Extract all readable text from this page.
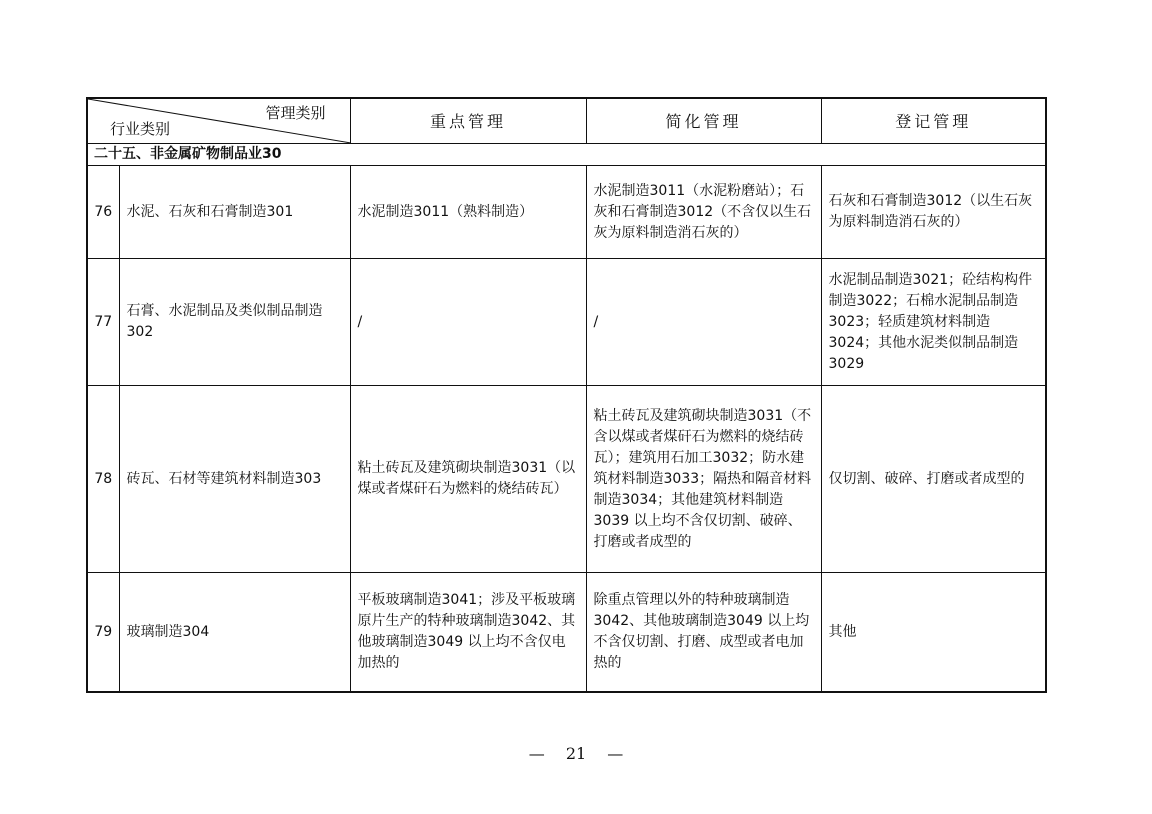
管理类别
行业类别		重点管理	简化管理	登记管理
二十五、非金属矿物制品业30				
76	水泥、石灰和石膏制造301	水泥制造3011（熟料制造）	水泥制造3011（水泥粉磨站）；石灰和石膏制造3012（不含仅以生石灰为原料制造消石灰的）	石灰和石膏制造3012（以生石灰为原料制造消石灰的）
77	石膏、水泥制品及类似制品制造302	/	/	水泥制品制造3021；砼结构构件制造3022；石棉水泥制品制造3023；轻质建筑材料制造3024；其他水泥类似制品制造3029
78	砖瓦、石材等建筑材料制造303	粘土砖瓦及建筑砌块制造3031（以煤或者煤矸石为燃料的烧结砖瓦）	粘土砖瓦及建筑砌块制造3031（不含以煤或者煤矸石为燃料的烧结砖瓦）；建筑用石加工3032；防水建筑材料制造3033；隔热和隔音材料制造3034；其他建筑材料制造3039 以上均不含仅切割、破碎、打磨或者成型的	仅切割、破碎、打磨或者成型的
79	玻璃制造304	平板玻璃制造3041；涉及平板玻璃原片生产的特种玻璃制造3042、其他玻璃制造3049 以上均不含仅电加热的	除重点管理以外的特种玻璃制造3042、其他玻璃制造3049 以上均不含仅切割、打磨、成型或者电加热的	其他
— 21 —
